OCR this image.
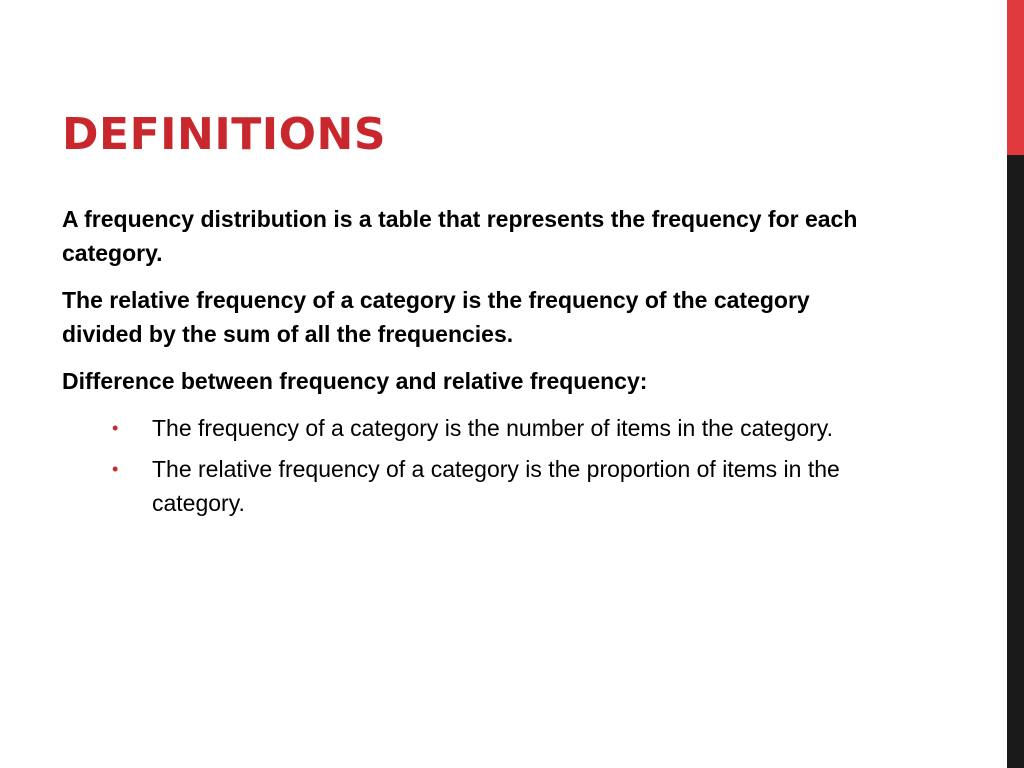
DEFINITIONS

A frequency distribution is a table that represents the frequency for each category.

The relative frequency of a category is the frequency of the category divided by the sum of all the frequencies.

Difference between frequency and relative frequency:

• The frequency of a category is the number of items in the category.
• The relative frequency of a category is the proportion of items in the category.
